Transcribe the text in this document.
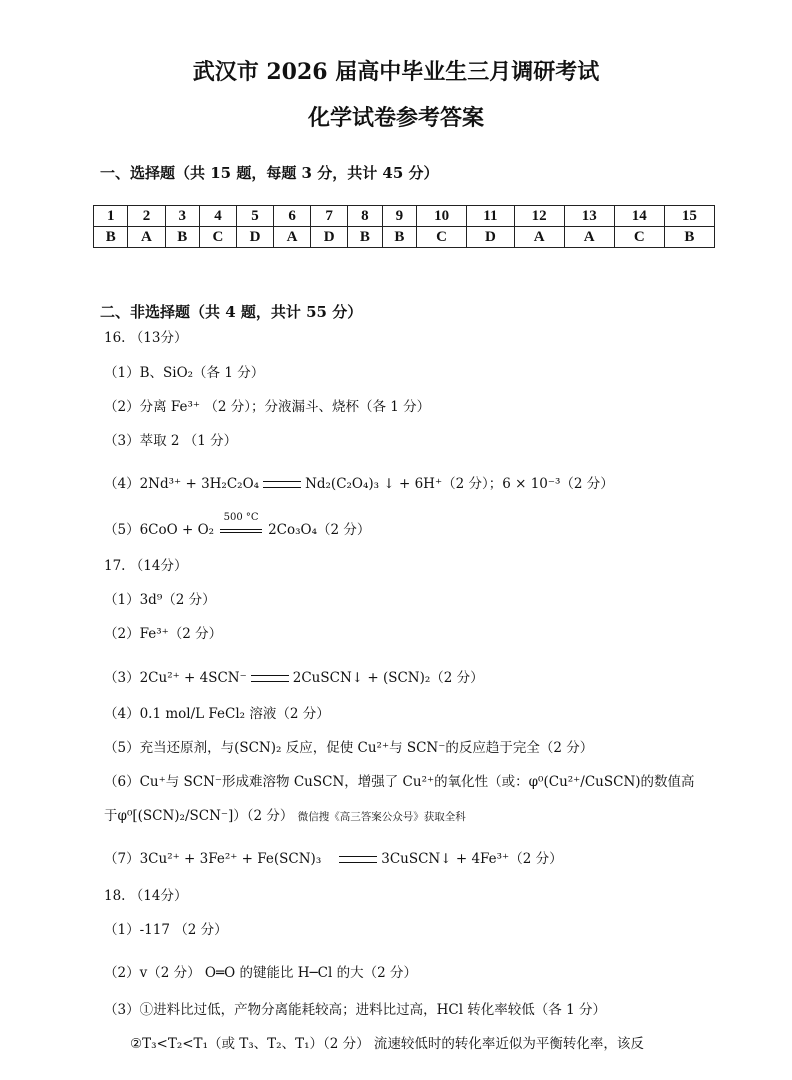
武汉市 2026 届高中毕业生三月调研考试
化学试卷参考答案
一、选择题（共 15 题，每题 3 分，共计 45 分）
1	2	3	4	5	6	7	8	9	10	11	12	13	14	15
B	A	B	C	D	A	D	B	B	C	D	A	A	C	B
二、非选择题（共 4 题，共计 55 分）
16. （13分）
（1）B、SiO₂（各 1 分）
（2）分离 Fe³⁺ （2 分）；分液漏斗、烧杯（各 1 分）
（3）萃取 2 （1 分）
（4）2Nd³⁺ + 3H₂C₂O₄	Nd₂(C₂O₄)₃ ↓ + 6H⁺（2 分）；6 × 10⁻³（2 分）
（5）6CoO + O₂
500 °C
2Co₃O₄（2 分）
17. （14分）
（1）3d⁹（2 分）
（2）Fe³⁺（2 分）
（3）2Cu²⁺ + 4SCN⁻	2CuSCN↓ + (SCN)₂（2 分）
（4）0.1 mol/L FeCl₂ 溶液（2 分）
（5）充当还原剂，与(SCN)₂ 反应，促使 Cu²⁺与 SCN⁻的反应趋于完全（2 分）
（6）Cu⁺与 SCN⁻形成难溶物 CuSCN，增强了 Cu²⁺的氧化性（或：φ⁰(Cu²⁺/CuSCN)的数值高
于φ⁰[(SCN)₂/SCN⁻]）（2 分） 微信搜《高三答案公众号》获取全科
（7）3Cu²⁺ + 3Fe²⁺ + Fe(SCN)₃	3CuSCN↓ + 4Fe³⁺（2 分）
18. （14分）
（1）-117 （2 分）
（2）v（2 分） O═O 的键能比 H─Cl 的大（2 分）
（3）①进料比过低，产物分离能耗较高；进料比过高，HCl 转化率较低（各 1 分）
②T₃<T₂<T₁（或 T₃、T₂、T₁）（2 分） 流速较低时的转化率近似为平衡转化率，该反
